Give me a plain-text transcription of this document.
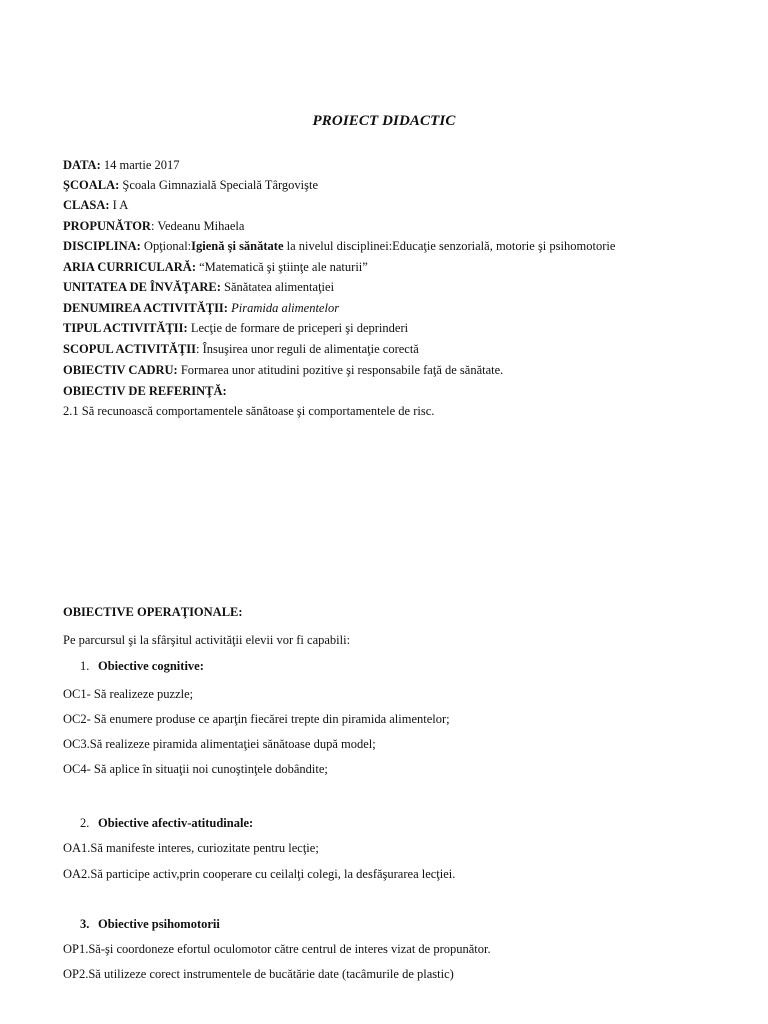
PROIECT DIDACTIC
DATA: 14 martie 2017
ŞCOALA: Şcoala Gimnazială Specială Târgovişte
CLASA: I A
PROPUNĂTOR: Vedeanu Mihaela
DISCIPLINA: Opţional:Igienă şi sănătate la nivelul disciplinei:Educaţie senzorială, motorie şi psihomotorie
ARIA CURRICULARĂ: “Matematică şi ştiinţe ale naturii”
UNITATEA DE ÎNVĂŢARE: Sănătatea alimentaţiei
DENUMIREA ACTIVITĂŢII: Piramida alimentelor
TIPUL ACTIVITĂŢII: Lecţie de formare de priceperi şi deprinderi
SCOPUL ACTIVITĂŢII: Însuşirea unor reguli de alimentaţie corectă
OBIECTIV CADRU: Formarea unor atitudini pozitive şi responsabile faţă de sănătate.
OBIECTIV DE REFERINŢĂ:
2.1 Să recunoască comportamentele sănătoase şi comportamentele de risc.
OBIECTIVE OPERAŢIONALE:
Pe parcursul şi la sfârşitul activităţii elevii vor fi capabili:
1. Obiective cognitive:
OC1- Să realizeze puzzle;
OC2- Să enumere produse ce aparţin fiecărei trepte din piramida alimentelor;
OC3.Să realizeze piramida alimentaţiei sănătoase după model;
OC4- Să aplice în situaţii noi cunoştinţele dobândite;
2. Obiective afectiv-atitudinale:
OA1.Să manifeste interes, curiozitate pentru lecţie;
OA2.Să participe activ,prin cooperare cu ceilalţi colegi, la desfăşurarea lecţiei.
3. Obiective psihomotorii
OP1.Să-şi coordoneze efortul oculomotor către centrul de interes vizat de propunător.
OP2.Să utilizeze corect instrumentele de bucătărie date (tacâmurile de plastic)
